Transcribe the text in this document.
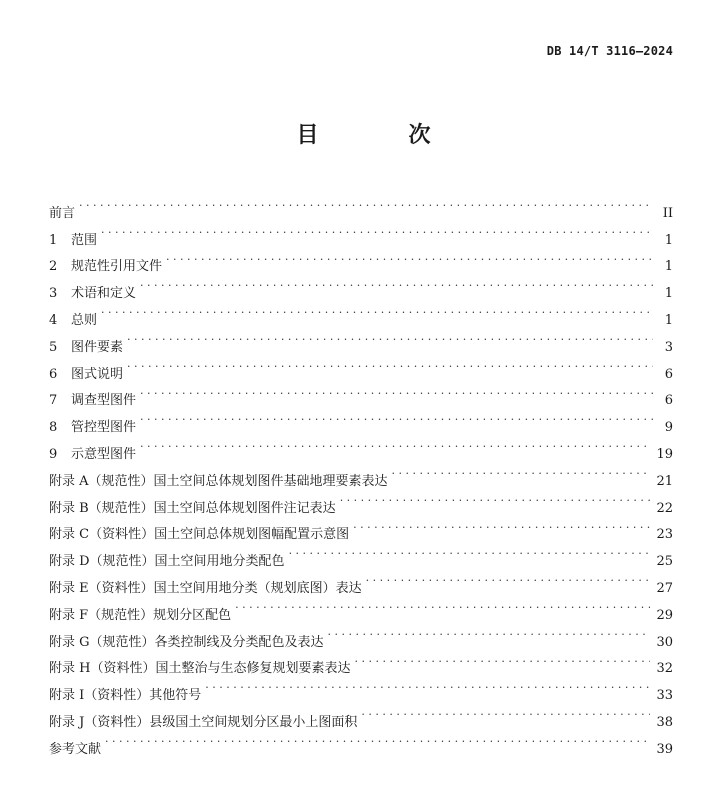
DB 14/T 3116—2024
目　次
前言 . . .	II
1	范围 . . .	1
2	规范性引用文件 . . .	1
3	术语和定义 . . .	1
4	总则 . . .	1
5	图件要素 . . .	3
6	图式说明 . . .	6
7	调查型图件 . . .	6
8	管控型图件 . . .	9
9	示意型图件 . . .	19
附录 A（规范性）国土空间总体规划图件基础地理要素表达 . . .	21
附录 B（规范性）国土空间总体规划图件注记表达 . . .	22
附录 C（资料性）国土空间总体规划图幅配置示意图 . . .	23
附录 D（规范性）国土空间用地分类配色 . . .	25
附录 E（资料性）国土空间用地分类（规划底图）表达 . . .	27
附录 F（规范性）规划分区配色 . . .	29
附录 G（规范性）各类控制线及分类配色及表达 . . .	30
附录 H（资料性）国土整治与生态修复规划要素表达 . . .	32
附录 I（资料性）其他符号 . . .	33
附录 J（资料性）县级国土空间规划分区最小上图面积 . . .	38
参考文献 . . .	39
